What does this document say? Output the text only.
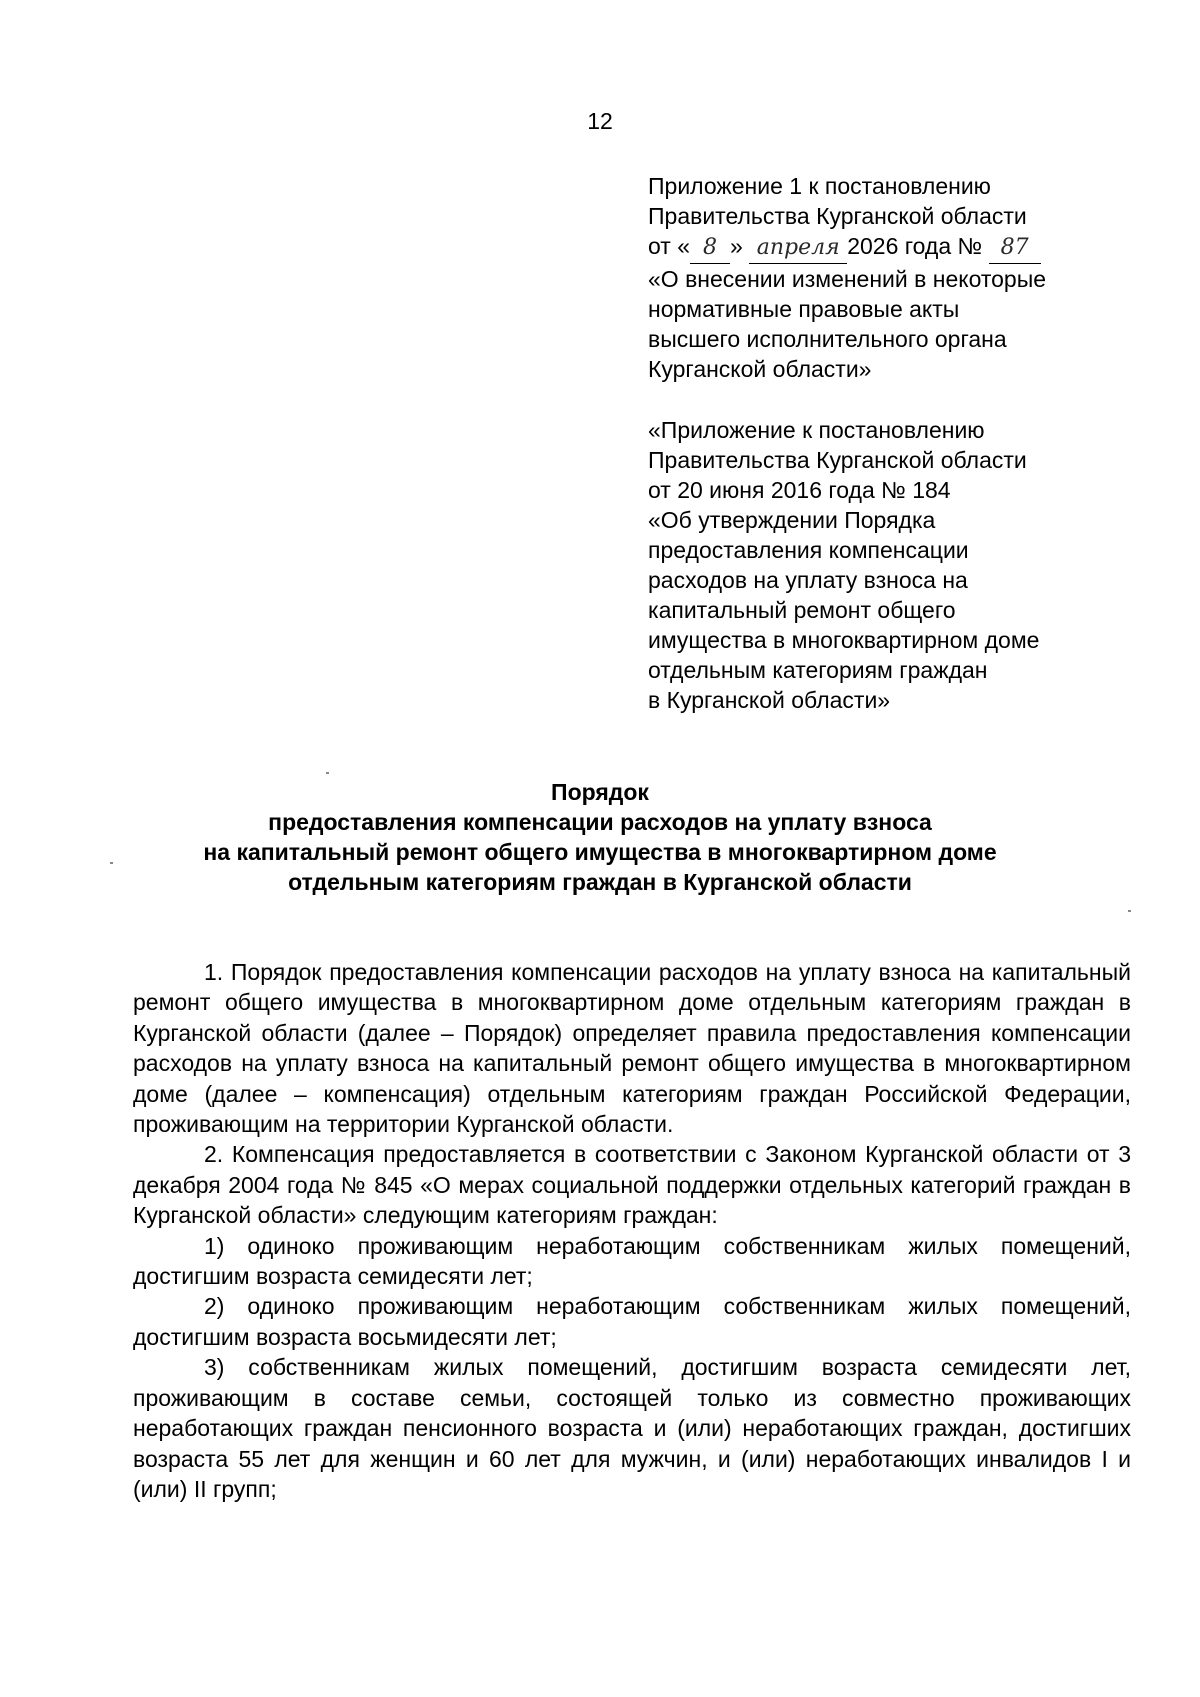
12
Приложение 1 к постановлению
Правительства Курганской области
от « 8 » апреля 2026 года № 87
«О внесении изменений в некоторые
нормативные правовые акты
высшего исполнительного органа
Курганской области»
«Приложение к постановлению
Правительства Курганской области
от 20 июня 2016 года № 184
«Об утверждении Порядка
предоставления компенсации
расходов на уплату взноса на
капитальный ремонт общего
имущества в многоквартирном доме
отдельным категориям граждан
в Курганской области»
Порядок
предоставления компенсации расходов на уплату взноса
на капитальный ремонт общего имущества в многоквартирном доме
отдельным категориям граждан в Курганской области

1. Порядок предоставления компенсации расходов на уплату взноса на капитальный ремонт общего имущества в многоквартирном доме отдельным категориям граждан в Курганской области (далее – Порядок) определяет правила предоставления компенсации расходов на уплату взноса на капитальный ремонт общего имущества в многоквартирном доме (далее – компенсация) отдельным категориям граждан Российской Федерации, проживающим на территории Курганской области.

2. Компенсация предоставляется в соответствии с Законом Курганской области от 3 декабря 2004 года № 845 «О мерах социальной поддержки отдельных категорий граждан в Курганской области» следующим категориям граждан:

1) одиноко проживающим неработающим собственникам жилых помещений, достигшим возраста семидесяти лет;

2) одиноко проживающим неработающим собственникам жилых помещений, достигшим возраста восьмидесяти лет;

3) собственникам жилых помещений, достигшим возраста семидесяти лет, проживающим в составе семьи, состоящей только из совместно проживающих неработающих граждан пенсионного возраста и (или) неработающих граждан, достигших возраста 55 лет для женщин и 60 лет для мужчин, и (или) неработающих инвалидов I и (или) II групп;
